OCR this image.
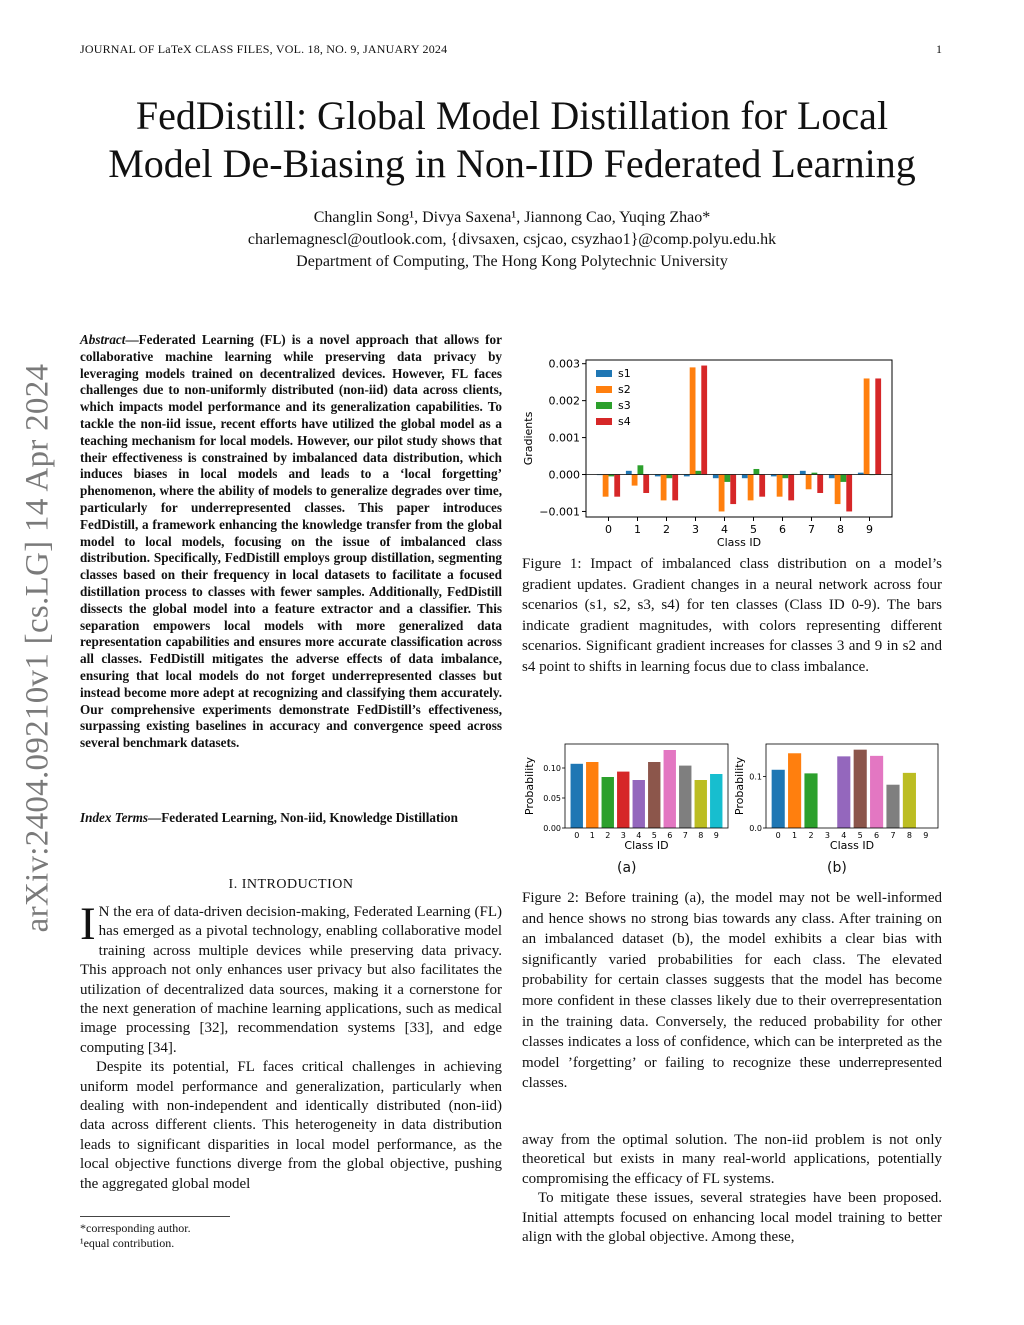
JOURNAL OF LaTeX CLASS FILES, VOL. 18, NO. 9, JANUARY 2024	1
FedDistill: Global Model Distillation for Local
Model De-Biasing in Non-IID Federated Learning
Changlin Song¹, Divya Saxena¹, Jiannong Cao, Yuqing Zhao*
charlemagnescl@outlook.com, {divsaxen, csjcao, csyzhao1}@comp.polyu.edu.hk
Department of Computing, The Hong Kong Polytechnic University
arXiv:2404.09210v1 [cs.LG] 14 Apr 2024
Abstract—Federated Learning (FL) is a novel approach that allows for collaborative machine learning while preserving data privacy by leveraging models trained on decentralized devices. However, FL faces challenges due to non-uniformly distributed (non-iid) data across clients, which impacts model performance and its generalization capabilities. To tackle the non-iid issue, recent efforts have utilized the global model as a teaching mechanism for local models. However, our pilot study shows that their effectiveness is constrained by imbalanced data distribution, which induces biases in local models and leads to a ‘local forgetting’ phenomenon, where the ability of models to generalize degrades over time, particularly for underrepresented classes. This paper introduces FedDistill, a framework enhancing the knowledge transfer from the global model to local models, focusing on the issue of imbalanced class distribution. Specifically, FedDistill employs group distillation, segmenting classes based on their frequency in local datasets to facilitate a focused distillation process to classes with fewer samples. Additionally, FedDistill dissects the global model into a feature extractor and a classifier. This separation empowers local models with more generalized data representation capabilities and ensures more accurate classification across all classes. FedDistill mitigates the adverse effects of data imbalance, ensuring that local models do not forget underrepresented classes but instead become more adept at recognizing and classifying them accurately. Our comprehensive experiments demonstrate FedDistill’s effectiveness, surpassing existing baselines in accuracy and convergence speed across several benchmark datasets.
Index Terms—Federated Learning, Non-iid, Knowledge Distillation
I. INTRODUCTION

I N the era of data-driven decision-making, Federated Learning (FL) has emerged as a pivotal technology, enabling collaborative model training across multiple devices while preserving data privacy. This approach not only enhances user privacy but also facilitates the utilization of decentralized data sources, making it a cornerstone for the next generation of machine learning applications, such as medical image processing [32], recommendation systems [33], and edge computing [34].

Despite its potential, FL faces critical challenges in achieving uniform model performance and generalization, particularly when dealing with non-independent and identically distributed (non-iid) data across different clients. This heterogeneity in data distribution leads to significant disparities in local model performance, as the local objective functions diverge from the global objective, pushing the aggregated global model

*corresponding author.
¹equal contribution.
−0.001
0.000
0.001
0.002
0.003
0 1 2 3 4 5 6 7 8 9
Class ID
Gradients
s1
s2
s3
s4
Figure 1: Impact of imbalanced class distribution on a model’s gradient updates. Gradient changes in a neural network across four scenarios (s1, s2, s3, s4) for ten classes (Class ID 0-9). The bars indicate gradient magnitudes, with colors representing different scenarios. Significant gradient increases for classes 3 and 9 in s2 and s4 point to shifts in learning focus due to class imbalance.
0 1 2 3 4 5 6 7 8 9
0.00
0.05
0.10
Class ID
Probability
0 1 2 3 4 5 6 7 8 9
0.0
0.1
Class ID
Probability
(a)	(b)
Figure 2: Before training (a), the model may not be well-informed and hence shows no strong bias towards any class. After training on an imbalanced dataset (b), the model exhibits a clear bias with significantly varied probabilities for each class. The elevated probability for certain classes suggests that the model has become more confident in these classes likely due to their overrepresentation in the training data. Conversely, the reduced probability for other classes indicates a loss of confidence, which can be interpreted as the model ’forgetting’ or failing to recognize these underrepresented classes.

away from the optimal solution. The non-iid problem is not only theoretical but exists in many real-world applications, potentially compromising the efficacy of FL systems.

To mitigate these issues, several strategies have been proposed. Initial attempts focused on enhancing local model training to better align with the global objective. Among these,
